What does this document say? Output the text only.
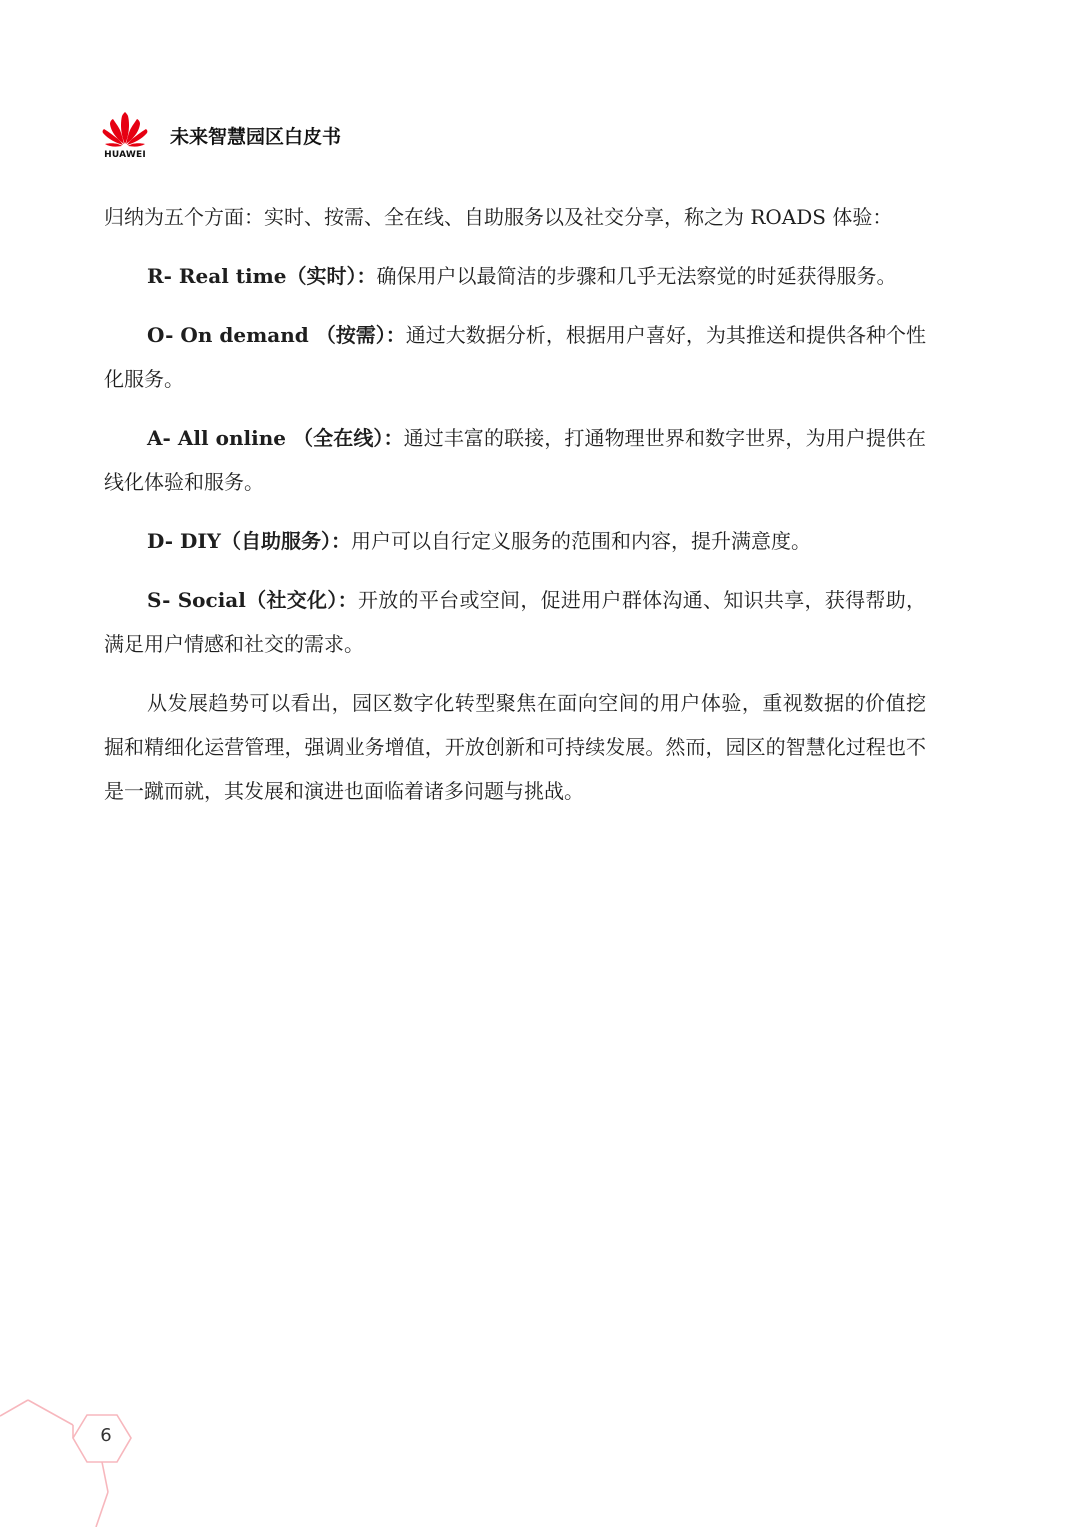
HUAWEI
未来智慧园区白皮书

归纳为五个方面：实时、按需、全在线、自助服务以及社交分享，称之为 ROADS 体验：

R- Real time（实时）：确保用户以最简洁的步骤和几乎无法察觉的时延获得服务。

O- On demand （按需）：通过大数据分析，根据用户喜好，为其推送和提供各种个性化服务。

A- All online （全在线）：通过丰富的联接，打通物理世界和数字世界，为用户提供在线化体验和服务。

D- DIY（自助服务）：用户可以自行定义服务的范围和内容，提升满意度。

S- Social（社交化）：开放的平台或空间，促进用户群体沟通、知识共享，获得帮助，满足用户情感和社交的需求。

从发展趋势可以看出，园区数字化转型聚焦在面向空间的用户体验，重视数据的价值挖掘和精细化运营管理，强调业务增值，开放创新和可持续发展。然而，园区的智慧化过程也不是一蹴而就，其发展和演进也面临着诸多问题与挑战。

6
